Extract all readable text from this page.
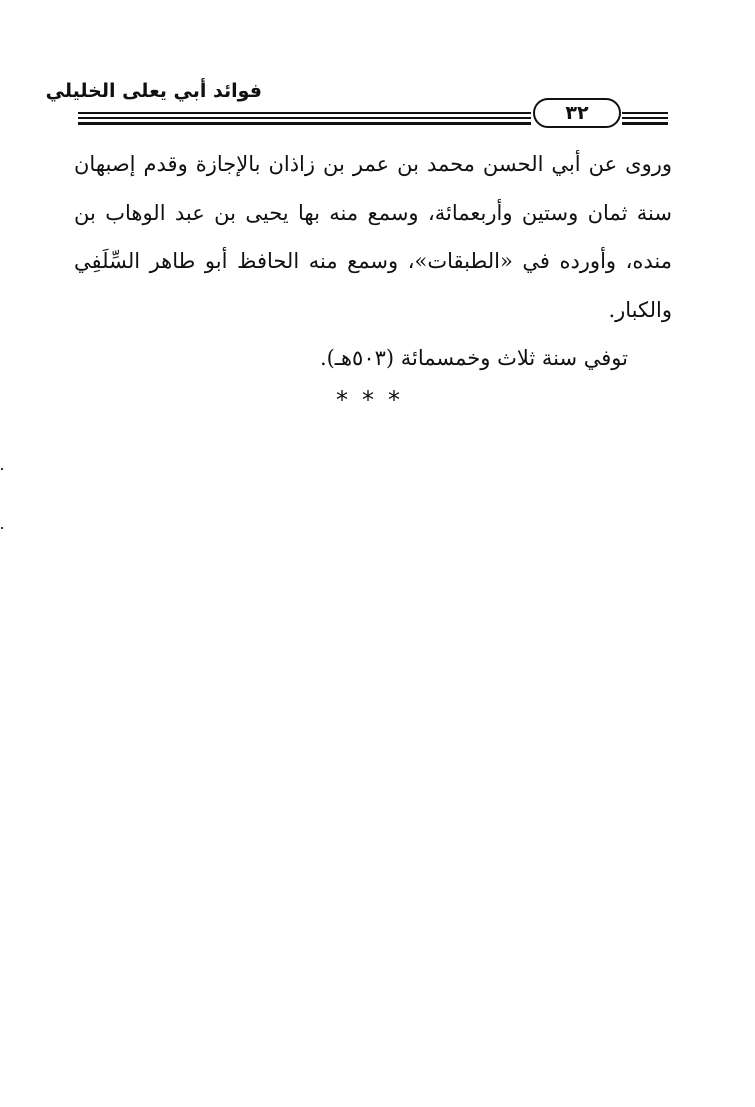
فوائد أبي يعلى الخليلي
٣٢

وروى عن أبي الحسن محمد بن عمر بن زاذان بالإجازة وقدم إصبهان سنة ثمان وستين وأربعمائة، وسمع منه بها يحيى بن عبد الوهاب بن منده، وأورده في «الطبقات»، وسمع منه الحافظ أبو طاهر السِّلَفِي والكبار.

توفي سنة ثلاث وخمسمائة (٥٠٣هـ).

***
